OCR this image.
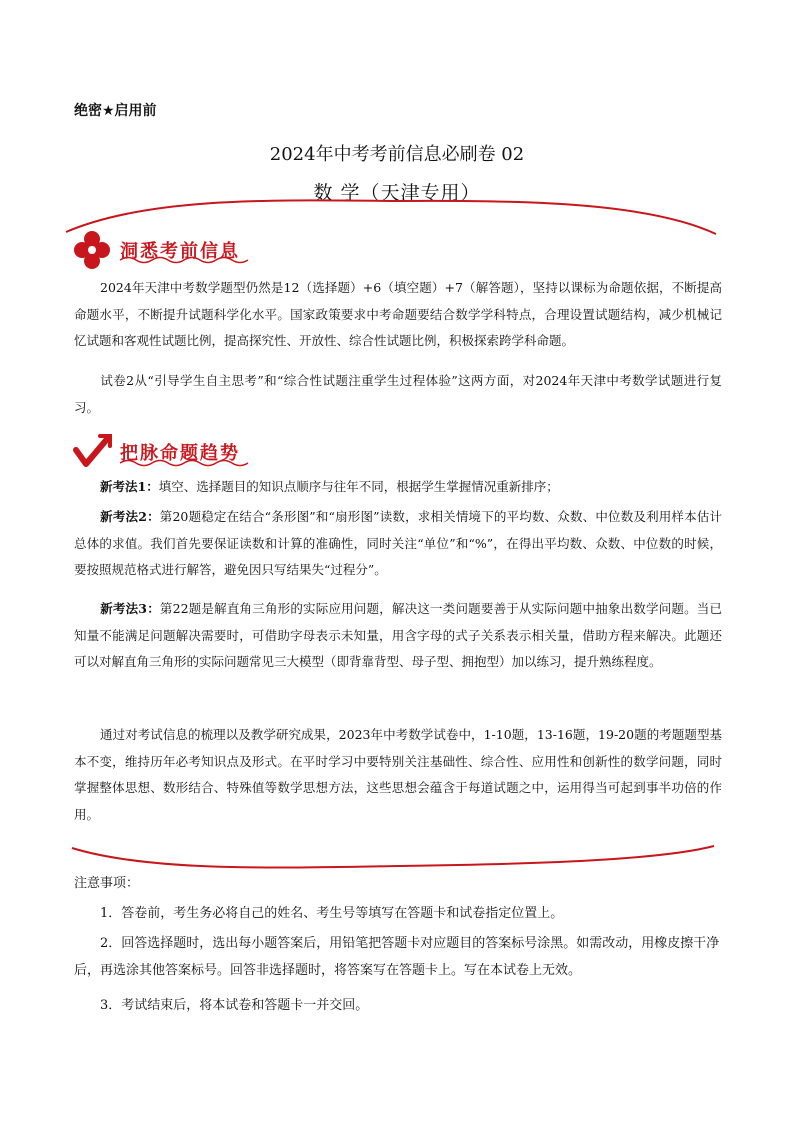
绝密★启用前
2024年中考考前信息必刷卷 02
数 学（天津专用）
洞悉考前信息
2024年天津中考数学题型仍然是12（选择题）+6（填空题）+7（解答题），坚持以课标为命题依据，不断提高命题水平，不断提升试题科学化水平。国家政策要求中考命题要结合数学学科特点，合理设置试题结构，减少机械记忆试题和客观性试题比例，提高探究性、开放性、综合性试题比例，积极探索跨学科命题。
试卷2从“引导学生自主思考”和“综合性试题注重学生过程体验”这两方面，对2024年天津中考数学试题进行复习。
把脉命题趋势
新考法1：填空、选择题目的知识点顺序与往年不同，根据学生掌握情况重新排序；
新考法2：第20题稳定在结合“条形图”和“扇形图”读数，求相关情境下的平均数、众数、中位数及利用样本估计总体的求值。我们首先要保证读数和计算的准确性，同时关注“单位”和“%”，在得出平均数、众数、中位数的时候，要按照规范格式进行解答，避免因只写结果失“过程分”。
新考法3：第22题是解直角三角形的实际应用问题，解决这一类问题要善于从实际问题中抽象出数学问题。当已知量不能满足问题解决需要时，可借助字母表示未知量，用含字母的式子关系表示相关量，借助方程来解决。此题还可以对解直角三角形的实际问题常见三大模型（即背靠背型、母子型、拥抱型）加以练习，提升熟练程度。
通过对考试信息的梳理以及教学研究成果，2023年中考数学试卷中，1-10题，13-16题，19-20题的考题题型基本不变，维持历年必考知识点及形式。在平时学习中要特别关注基础性、综合性、应用性和创新性的数学问题，同时掌握整体思想、数形结合、特殊值等数学思想方法，这些思想会蕴含于每道试题之中，运用得当可起到事半功倍的作用。
注意事项：
1．答卷前，考生务必将自己的姓名、考生号等填写在答题卡和试卷指定位置上。
2．回答选择题时，选出每小题答案后，用铅笔把答题卡对应题目的答案标号涂黑。如需改动，用橡皮擦干净后，再选涂其他答案标号。回答非选择题时，将答案写在答题卡上。写在本试卷上无效。
3．考试结束后，将本试卷和答题卡一并交回。
